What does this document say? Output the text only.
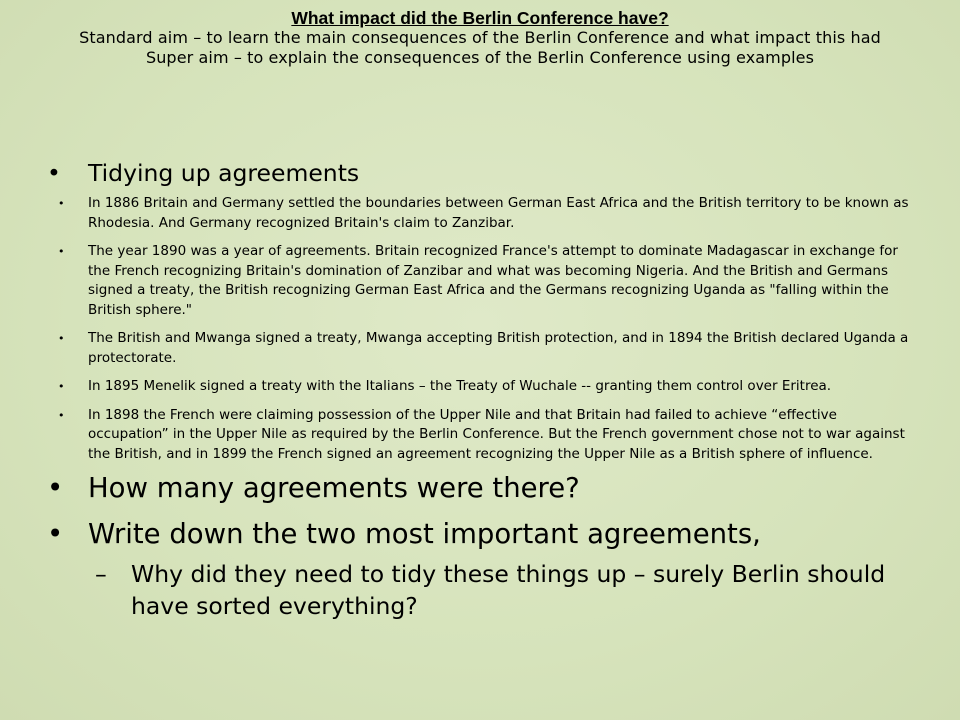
What impact did the Berlin Conference have?
Standard aim – to learn the main consequences of the Berlin Conference and what impact this had
Super aim – to explain the consequences of the Berlin Conference using examples
• Tidying up agreements
• In 1886 Britain and Germany settled the boundaries between German East Africa and the British territory to be known as Rhodesia. And Germany recognized Britain's claim to Zanzibar.
• The year 1890 was a year of agreements. Britain recognized France's attempt to dominate Madagascar in exchange for the French recognizing Britain's domination of Zanzibar and what was becoming Nigeria. And the British and Germans signed a treaty, the British recognizing German East Africa and the Germans recognizing Uganda as "falling within the British sphere."
• The British and Mwanga signed a treaty, Mwanga accepting British protection, and in 1894 the British declared Uganda a protectorate.
• In 1895 Menelik signed a treaty with the Italians – the Treaty of Wuchale -- granting them control over Eritrea.
• In 1898 the French were claiming possession of the Upper Nile and that Britain had failed to achieve “effective occupation” in the Upper Nile as required by the Berlin Conference. But the French government chose not to war against the British, and in 1899 the French signed an agreement recognizing the Upper Nile as a British sphere of influence.
• How many agreements were there?
• Write down the two most important agreements,
– Why did they need to tidy these things up – surely Berlin should have sorted everything?
